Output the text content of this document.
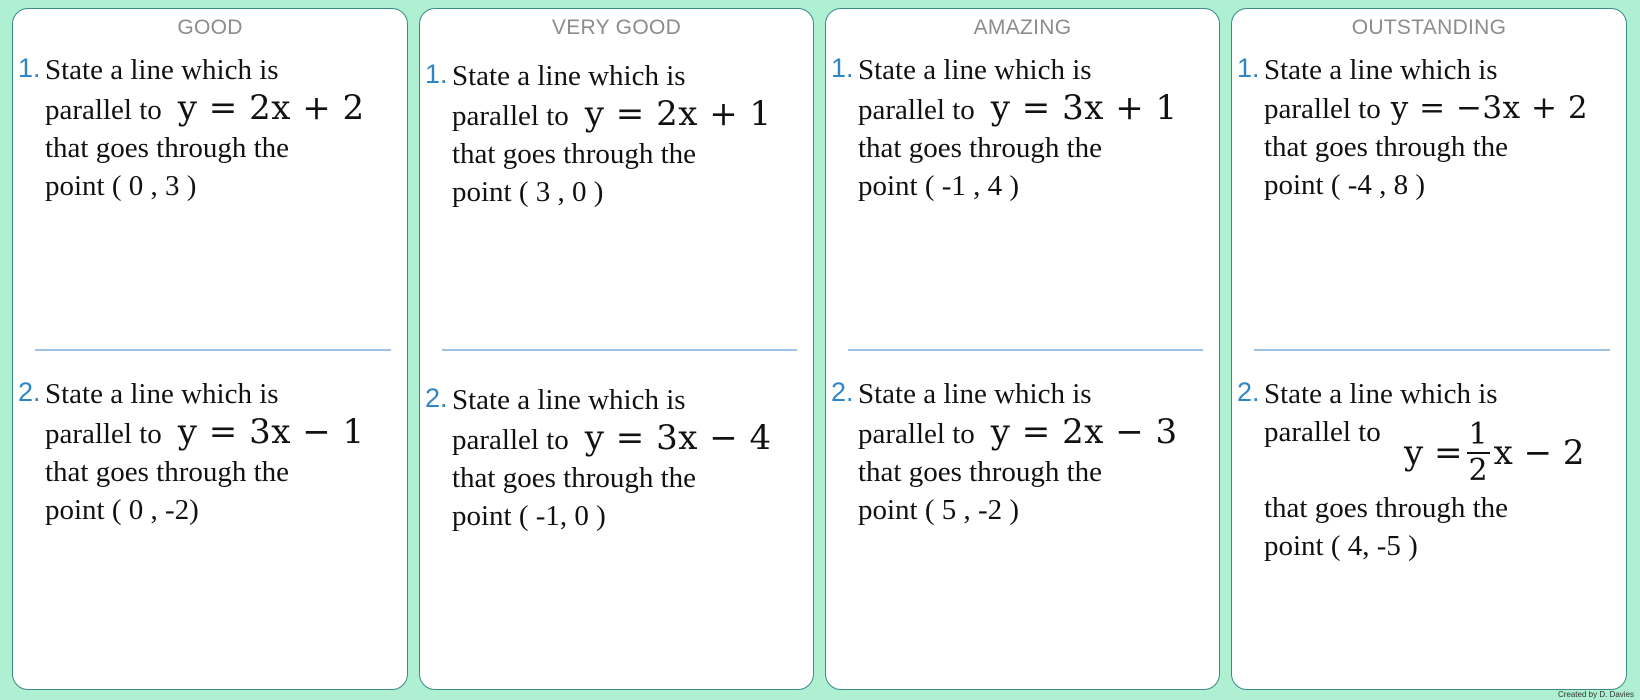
GOOD
1. State a line which is
parallel to y = 2x + 2
that goes through the
point ( 0 , 3 )
2. State a line which is
parallel to y = 3x − 1
that goes through the
point ( 0 , -2)
VERY GOOD
1. State a line which is
parallel to y = 2x + 1
that goes through the
point ( 3 , 0 )
2. State a line which is
parallel to y = 3x − 4
that goes through the
point ( -1, 0 )
AMAZING
1. State a line which is
parallel to y = 3x + 1
that goes through the
point ( -1 , 4 )
2. State a line which is
parallel to y = 2x − 3
that goes through the
point ( 5 , -2 )
OUTSTANDING
1. State a line which is
parallel to y = −3x + 2
that goes through the
point ( -4 , 8 )
2. State a line which is
parallel to
$y = \frac{1}{2}$ x − 2
that goes through the
point ( 4, -5 )
Created by D. Davies
